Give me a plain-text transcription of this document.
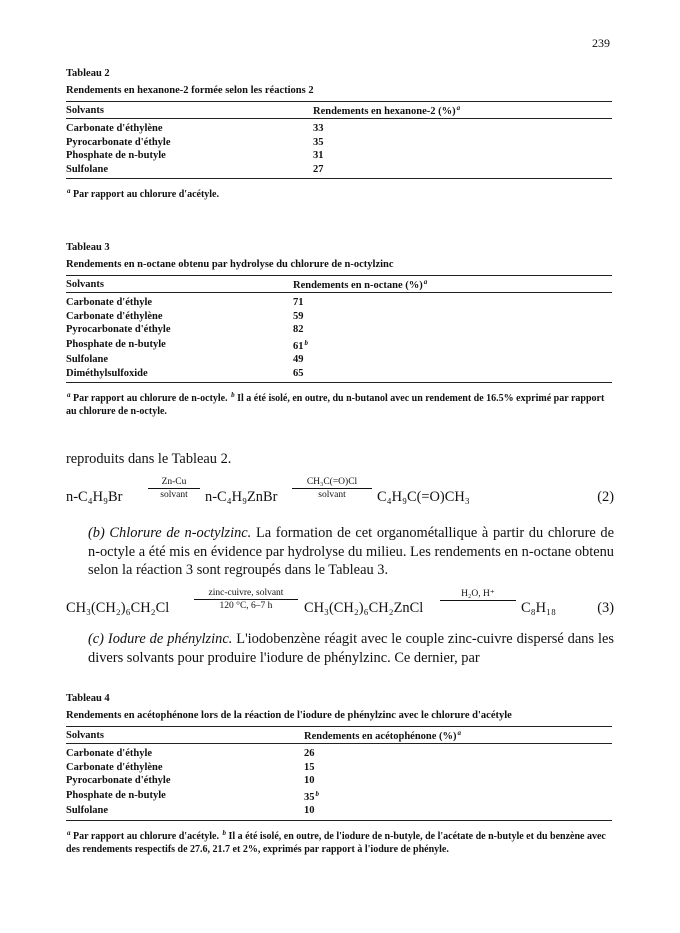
239
Tableau 2
Rendements en hexanone-2 formée selon les réactions 2
Solvants	Rendements en hexanone-2 (%)$^a$
Carbonate d'éthylène	33
Pyrocarbonate d'éthyle	35
Phosphate de n-butyle	31
Sulfolane	27
$^a$ Par rapport au chlorure d'acétyle.
Tableau 3
Rendements en n-octane obtenu par hydrolyse du chlorure de n-octylzinc
Solvants	Rendements en n-octane (%)$^a$
Carbonate d'éthyle	71
Carbonate d'éthylène	59
Pyrocarbonate d'éthyle	82
Phosphate de n-butyle	61$^b$
Sulfolane	49
Diméthylsulfoxide	65
$^a$ Par rapport au chlorure de n-octyle. $^b$ Il a été isolé, en outre, du n-butanol avec un rendement de 16.5% exprimé par rapport au chlorure de n-octyle.
reproduits dans le Tableau 2.
n-C₄H₉Br
Zn-Cu
solvant	n-C₄H₉ZnBr
CH₃C(=O)Cl
solvant	C₄H₉C(=O)CH₃	(2)
(b) Chlorure de n-octylzinc. La formation de cet organométallique à partir du chlorure de n-octyle a été mis en évidence par hydrolyse du milieu. Les rendements en n-octane obtenu selon la réaction 3 sont regroupés dans le Tableau 3.
CH₃(CH₂)₆CH₂Cl
zinc-cuivre, solvant
120 °C, 6–7 h	CH₃(CH₂)₆CH₂ZnCl
H₂O, H⁺
C₈H₁₈	(3)
(c) Iodure de phénylzinc. L'iodobenzène réagit avec le couple zinc-cuivre dispersé dans les divers solvants pour produire l'iodure de phénylzinc. Ce dernier, par
Tableau 4
Rendements en acétophénone lors de la réaction de l'iodure de phénylzinc avec le chlorure d'acétyle
Solvants	Rendements en acétophénone (%)$^a$
Carbonate d'éthyle	26
Carbonate d'éthylène	15
Pyrocarbonate d'éthyle	10
Phosphate de n-butyle	35$^b$
Sulfolane	10
$^a$ Par rapport au chlorure d'acétyle. $^b$ Il a été isolé, en outre, de l'iodure de n-butyle, de l'acétate de n-butyle et du benzène avec des rendements respectifs de 27.6, 21.7 et 2%, exprimés par rapport à l'iodure de phényle.
